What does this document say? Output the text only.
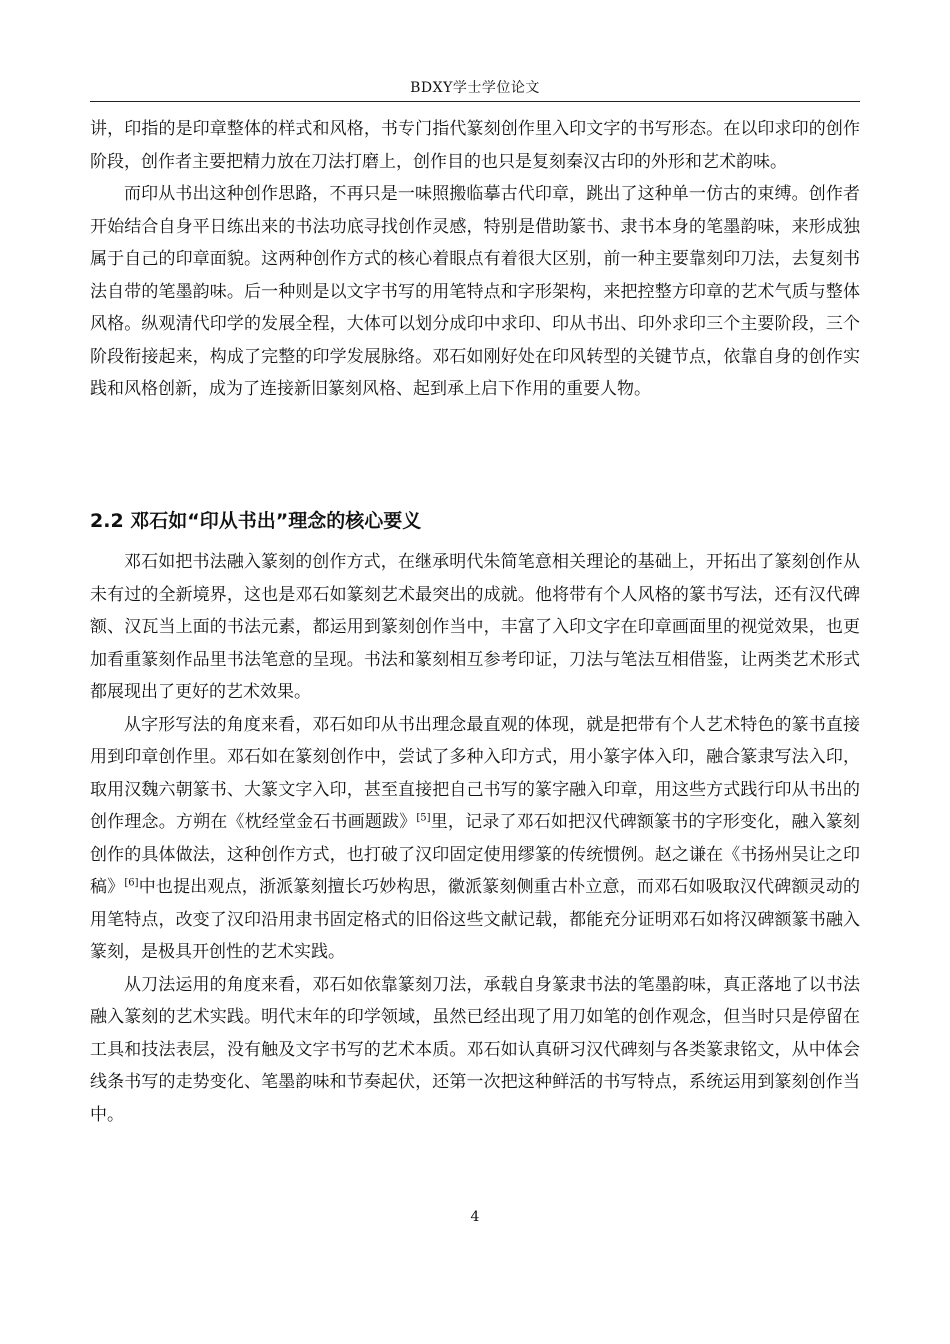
BDXY学士学位论文

讲，印指的是印章整体的样式和风格，书专门指代篆刻创作里入印文字的书写形态。在以印求印的创作阶段，创作者主要把精力放在刀法打磨上，创作目的也只是复刻秦汉古印的外形和艺术韵味。

而印从书出这种创作思路，不再只是一味照搬临摹古代印章，跳出了这种单一仿古的束缚。创作者开始结合自身平日练出来的书法功底寻找创作灵感，特别是借助篆书、隶书本身的笔墨韵味，来形成独属于自己的印章面貌。这两种创作方式的核心着眼点有着很大区别，前一种主要靠刻印刀法，去复刻书法自带的笔墨韵味。后一种则是以文字书写的用笔特点和字形架构，来把控整方印章的艺术气质与整体风格。纵观清代印学的发展全程，大体可以划分成印中求印、印从书出、印外求印三个主要阶段，三个阶段衔接起来，构成了完整的印学发展脉络。邓石如刚好处在印风转型的关键节点，依靠自身的创作实践和风格创新，成为了连接新旧篆刻风格、起到承上启下作用的重要人物。

2.2 邓石如“印从书出”理念的核心要义

邓石如把书法融入篆刻的创作方式，在继承明代朱简笔意相关理论的基础上，开拓出了篆刻创作从未有过的全新境界，这也是邓石如篆刻艺术最突出的成就。他将带有个人风格的篆书写法，还有汉代碑额、汉瓦当上面的书法元素，都运用到篆刻创作当中，丰富了入印文字在印章画面里的视觉效果，也更加看重篆刻作品里书法笔意的呈现。书法和篆刻相互参考印证，刀法与笔法互相借鉴，让两类艺术形式都展现出了更好的艺术效果。

从字形写法的角度来看，邓石如印从书出理念最直观的体现，就是把带有个人艺术特色的篆书直接用到印章创作里。邓石如在篆刻创作中，尝试了多种入印方式，用小篆字体入印，融合篆隶写法入印，取用汉魏六朝篆书、大篆文字入印，甚至直接把自己书写的篆字融入印章，用这些方式践行印从书出的创作理念。方朔在《枕经堂金石书画题跋》[5]里，记录了邓石如把汉代碑额篆书的字形变化，融入篆刻创作的具体做法，这种创作方式，也打破了汉印固定使用缪篆的传统惯例。赵之谦在《书扬州吴让之印稿》[6]中也提出观点，浙派篆刻擅长巧妙构思，徽派篆刻侧重古朴立意，而邓石如吸取汉代碑额灵动的用笔特点，改变了汉印沿用隶书固定格式的旧俗这些文献记载，都能充分证明邓石如将汉碑额篆书融入篆刻，是极具开创性的艺术实践。

从刀法运用的角度来看，邓石如依靠篆刻刀法，承载自身篆隶书法的笔墨韵味，真正落地了以书法融入篆刻的艺术实践。明代末年的印学领域，虽然已经出现了用刀如笔的创作观念，但当时只是停留在工具和技法表层，没有触及文字书写的艺术本质。邓石如认真研习汉代碑刻与各类篆隶铭文，从中体会线条书写的走势变化、笔墨韵味和节奏起伏，还第一次把这种鲜活的书写特点，系统运用到篆刻创作当中。

4
